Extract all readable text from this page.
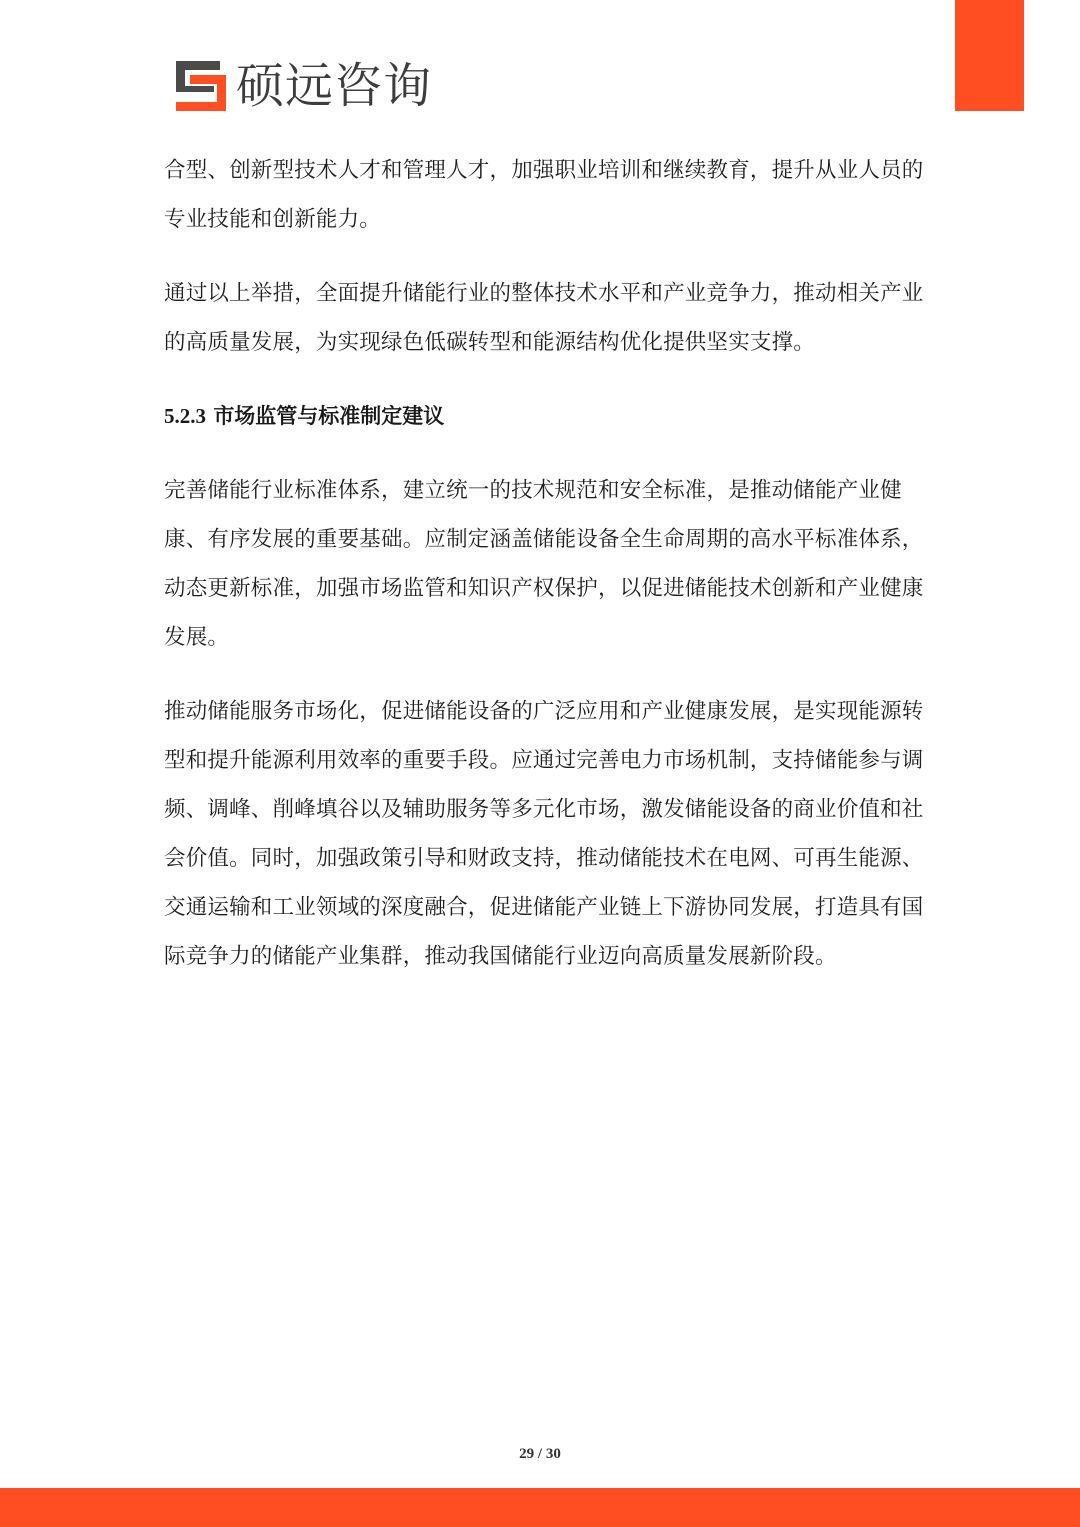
硕远咨询

合型、创新型技术人才和管理人才，加强职业培训和继续教育，提升从业人员的专业技能和创新能力。

通过以上举措，全面提升储能行业的整体技术水平和产业竞争力，推动相关产业的高质量发展，为实现绿色低碳转型和能源结构优化提供坚实支撑。

5.2.3 市场监管与标准制定建议

完善储能行业标准体系，建立统一的技术规范和安全标准，是推动储能产业健康、有序发展的重要基础。应制定涵盖储能设备全生命周期的高水平标准体系，动态更新标准，加强市场监管和知识产权保护，以促进储能技术创新和产业健康发展。

推动储能服务市场化，促进储能设备的广泛应用和产业健康发展，是实现能源转型和提升能源利用效率的重要手段。应通过完善电力市场机制，支持储能参与调频、调峰、削峰填谷以及辅助服务等多元化市场，激发储能设备的商业价值和社会价值。同时，加强政策引导和财政支持，推动储能技术在电网、可再生能源、交通运输和工业领域的深度融合，促进储能产业链上下游协同发展，打造具有国际竞争力的储能产业集群，推动我国储能行业迈向高质量发展新阶段。

29 / 30
